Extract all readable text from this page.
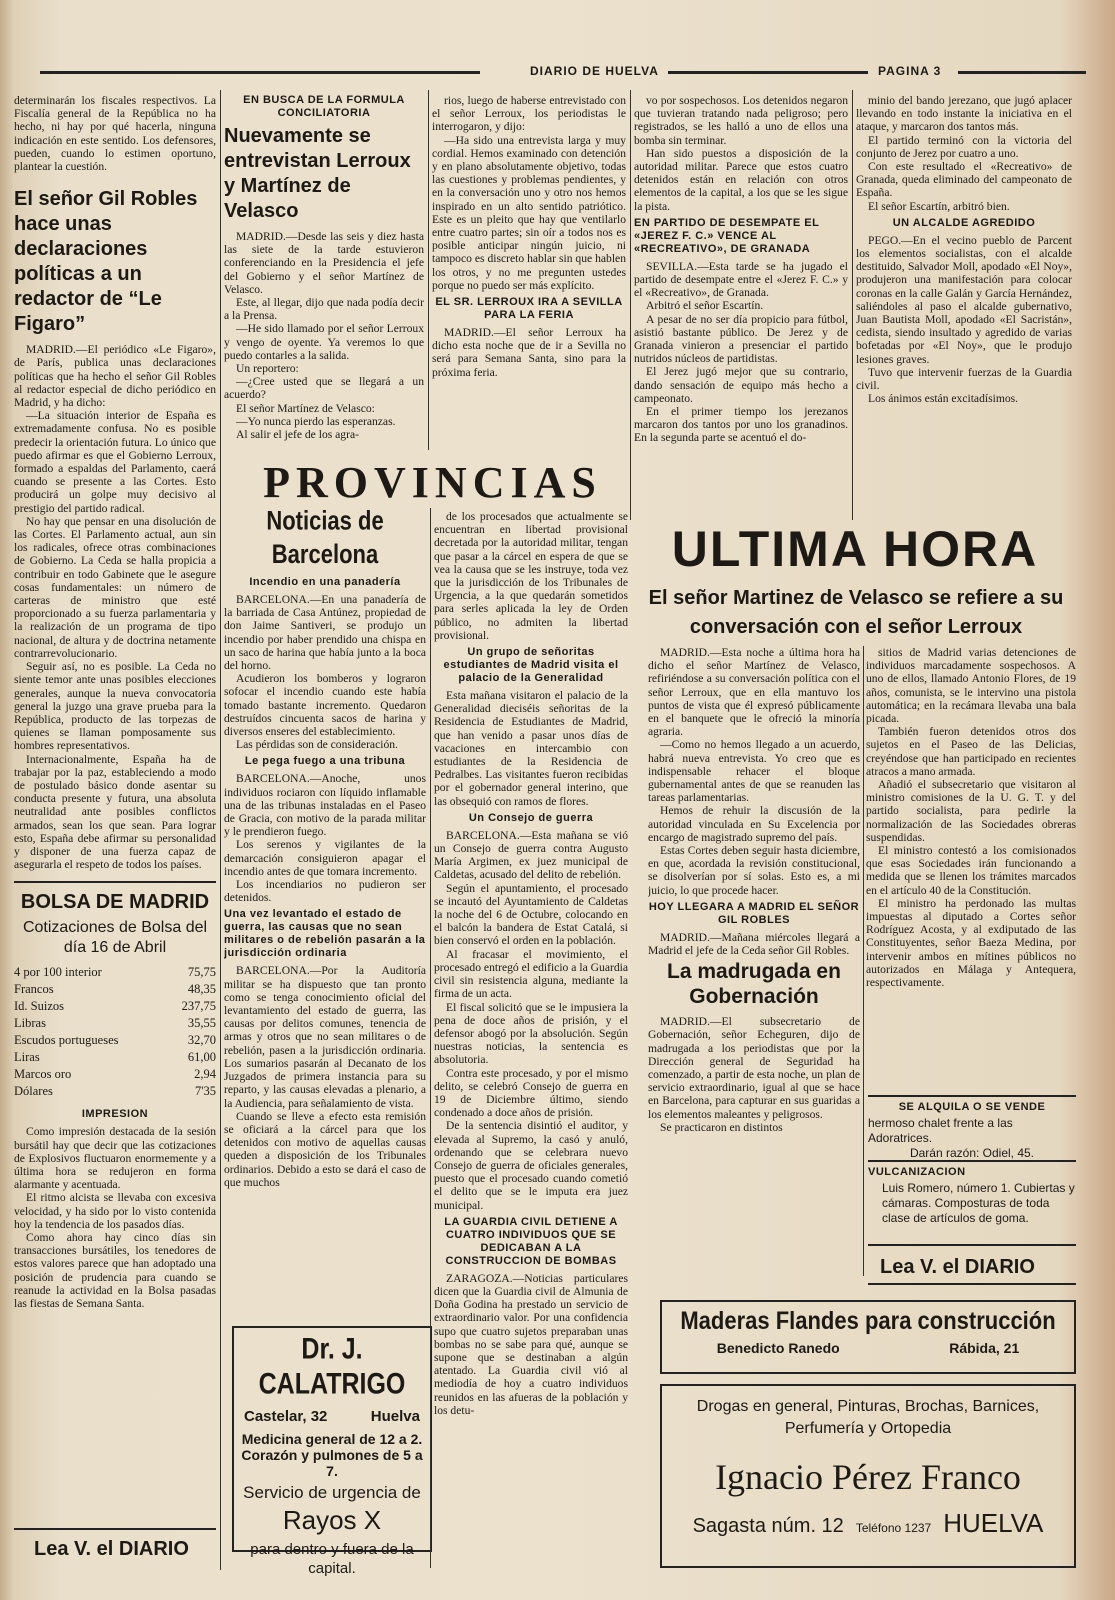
DIARIO DE HUELVA	PAGINA 3
determinarán los fiscales respectivos. La Fiscalía general de la República no ha hecho, ni hay por qué hacerla, ninguna indicación en este sentido. Los defensores, pueden, cuando lo estimen oportuno, plantear la cuestión.
El señor Gil Robles hace unas declaraciones políticas a un redactor de “Le Figaro”

MADRID.—El periódico «Le Figaro», de París, publica unas declaraciones políticas que ha hecho el señor Gil Robles al redactor especial de dicho periódico en Madrid, y ha dicho:

—La situación interior de España es extremadamente confusa. No es posible predecir la orientación futura. Lo único que puedo afirmar es que el Gobierno Lerroux, formado a espaldas del Parlamento, caerá cuando se presente a las Cortes. Esto producirá un golpe muy decisivo al prestigio del partido radical.

No hay que pensar en una disolución de las Cortes. El Parlamento actual, aun sin los radicales, ofrece otras combinaciones de Gobierno. La Ceda se halla propicia a contribuir en todo Gabinete que le asegure cosas fundamentales: un número de carteras de ministro que esté proporcionado a su fuerza parlamentaria y la realización de un programa de tipo nacional, de altura y de doctrina netamente contrarrevolucionario.

Seguir así, no es posible. La Ceda no siente temor ante unas posibles elecciones generales, aunque la nueva convocatoria general la juzgo una grave prueba para la República, producto de las torpezas de quienes se llaman pomposamente sus hombres representativos.

Internacionalmente, España ha de trabajar por la paz, estableciendo a modo de postulado básico donde asentar su conducta presente y futura, una absoluta neutralidad ante posibles conflictos armados, sean los que sean. Para lograr esto, España debe afirmar su personalidad y disponer de una fuerza capaz de asegurarla el respeto de todos los países.

BOLSA DE MADRID
Cotizaciones de Bolsa del día 16 de Abril
4 por 100 interior	75,75
Francos	48,35
Id. Suizos	237,75
Libras	35,55
Escudos portugueses	32,70
Liras	61,00
Marcos oro	2,94
Dólares	7'35
IMPRESION

Como impresión destacada de la sesión bursátil hay que decir que las cotizaciones de Explosivos fluctuaron enormemente y a última hora se redujeron en forma alarmante y acentuada.

El ritmo alcista se llevaba con excesiva velocidad, y ha sido por lo visto contenida hoy la tendencia de los pasados días.

Como ahora hay cinco días sin transacciones bursátiles, los tenedores de estos valores parece que han adoptado una posición de prudencia para cuando se reanude la actividad en la Bolsa pasadas las fiestas de Semana Santa.

Lea V. el DIARIO
EN BUSCA DE LA FORMULA CONCILIATORIA
Nuevamente se entrevistan Lerroux y Martínez de Velasco

MADRID.—Desde las seis y diez hasta las siete de la tarde estuvieron conferenciando en la Presidencia el jefe del Gobierno y el señor Martínez de Velasco.

Este, al llegar, dijo que nada podía decir a la Prensa.

—He sido llamado por el señor Lerroux y vengo de oyente. Ya veremos lo que puedo contarles a la salida.

Un reportero:

—¿Cree usted que se llegará a un acuerdo?

El señor Martínez de Velasco:

—Yo nunca pierdo las esperanzas.

Al salir el jefe de los agra-

rios, luego de haberse entrevistado con el señor Lerroux, los periodistas le interrogaron, y dijo:

—Ha sido una entrevista larga y muy cordial. Hemos examinado con detención y en plano absolutamente objetivo, todas las cuestiones y problemas pendientes, y en la conversación uno y otro nos hemos inspirado en un alto sentido patriótico. Este es un pleito que hay que ventilarlo entre cuatro partes; sin oír a todos nos es posible anticipar ningún juicio, ni tampoco es discreto hablar sin que hablen los otros, y no me pregunten ustedes porque no puedo ser más explícito.

EL SR. LERROUX IRA A SEVILLA PARA LA FERIA

MADRID.—El señor Lerroux ha dicho esta noche que de ir a Sevilla no será para Semana Santa, sino para la próxima feria.

vo por sospechosos. Los detenidos negaron que tuvieran tratando nada peligroso; pero registrados, se les halló a uno de ellos una bomba sin terminar.

Han sido puestos a disposición de la autoridad militar. Parece que estos cuatro detenidos están en relación con otros elementos de la capital, a los que se les sigue la pista.

EN PARTIDO DE DESEMPATE EL «JEREZ F. C.» VENCE AL «RECREATIVO», DE GRANADA

SEVILLA.—Esta tarde se ha jugado el partido de desempate entre el «Jerez F. C.» y el «Recreativo», de Granada.

Arbitró el señor Escartín.

A pesar de no ser día propicio para fútbol, asistió bastante público. De Jerez y de Granada vinieron a presenciar el partido nutridos núcleos de partidistas.

El Jerez jugó mejor que su contrario, dando sensación de equipo más hecho a campeonato.

En el primer tiempo los jerezanos marcaron dos tantos por uno los granadinos. En la segunda parte se acentuó el do-

minio del bando jerezano, que jugó aplacer llevando en todo instante la iniciativa en el ataque, y marcaron dos tantos más.

El partido terminó con la victoria del conjunto de Jerez por cuatro a uno.

Con este resultado el «Recreativo» de Granada, queda eliminado del campeonato de España.

El señor Escartín, arbitró bien.

UN ALCALDE AGREDIDO

PEGO.—En el vecino pueblo de Parcent los elementos socialistas, con el alcalde destituido, Salvador Moll, apodado «El Noy», produjeron una manifestación para colocar coronas en la calle Galán y García Hernández, saliéndoles al paso el alcalde gubernativo, Juan Bautista Moll, apodado «El Sacristán», cedista, siendo insultado y agredido de varias bofetadas por «El Noy», que le produjo lesiones graves.

Tuvo que intervenir fuerzas de la Guardia civil.

Los ánimos están excitadísimos.

PROVINCIAS
Noticias de Barcelona
Incendio en una panadería

BARCELONA.—En una panadería de la barriada de Casa Antúnez, propiedad de don Jaime Santiveri, se produjo un incendio por haber prendido una chispa en un saco de harina que había junto a la boca del horno.

Acudieron los bomberos y lograron sofocar el incendio cuando este había tomado bastante incremento. Quedaron destruídos cincuenta sacos de harina y diversos enseres del establecimiento.

Las pérdidas son de consideración.

Le pega fuego a una tribuna

BARCELONA.—Anoche, unos individuos rociaron con líquido inflamable una de las tribunas instaladas en el Paseo de Gracia, con motivo de la parada militar y le prendieron fuego.

Los serenos y vigilantes de la demarcación consiguieron apagar el incendio antes de que tomara incremento.

Los incendiarios no pudieron ser detenidos.

Una vez levantado el estado de guerra, las causas que no sean militares o de rebelión pasarán a la jurisdicción ordinaria

BARCELONA.—Por la Auditoría militar se ha dispuesto que tan pronto como se tenga conocimiento oficial del levantamiento del estado de guerra, las causas por delitos comunes, tenencia de armas y otros que no sean militares o de rebelión, pasen a la jurisdicción ordinaria. Los sumarios pasarán al Decanato de los Juzgados de primera instancia para su reparto, y las causas elevadas a plenario, a la Audiencia, para señalamiento de vista.

Cuando se lleve a efecto esta remisión se oficiará a la cárcel para que los detenidos con motivo de aquellas causas queden a disposición de los Tribunales ordinarios. Debido a esto se dará el caso de que muchos

Dr. J. CALATRIGO
Castelar, 32	Huelva
Medicina general de 12 a 2.
Corazón y pulmones de 5 a 7.
Servicio de urgencia de
Rayos X
para dentro y fuera de la capital.

de los procesados que actualmente se encuentran en libertad provisional decretada por la autoridad militar, tengan que pasar a la cárcel en espera de que se vea la causa que se les instruye, toda vez que la jurisdicción de los Tribunales de Urgencia, a la que quedarán sometidos para serles aplicada la ley de Orden público, no admiten la libertad provisional.

Un grupo de señoritas estudiantes de Madrid visita el palacio de la Generalidad

Esta mañana visitaron el palacio de la Generalidad dieciséis señoritas de la Residencia de Estudiantes de Madrid, que han venido a pasar unos días de vacaciones en intercambio con estudiantes de la Residencia de Pedralbes. Las visitantes fueron recibidas por el gobernador general interino, que las obsequió con ramos de flores.

Un Consejo de guerra

BARCELONA.—Esta mañana se vió un Consejo de guerra contra Augusto María Argimen, ex juez municipal de Caldetas, acusado del delito de rebelión.

Según el apuntamiento, el procesado se incautó del Ayuntamiento de Caldetas la noche del 6 de Octubre, colocando en el balcón la bandera de Estat Catalá, si bien conservó el orden en la población.

Al fracasar el movimiento, el procesado entregó el edificio a la Guardia civil sin resistencia alguna, mediante la firma de un acta.

El fiscal solicitó que se le impusiera la pena de doce años de prisión, y el defensor abogó por la absolución. Según nuestras noticias, la sentencia es absolutoria.

Contra este procesado, y por el mismo delito, se celebró Consejo de guerra en 19 de Diciembre último, siendo condenado a doce años de prisión.

De la sentencia disintió el auditor, y elevada al Supremo, la casó y anuló, ordenando que se celebrara nuevo Consejo de guerra de oficiales generales, puesto que el procesado cuando cometió el delito que se le imputa era juez municipal.

LA GUARDIA CIVIL DETIENE A CUATRO INDIVIDUOS QUE SE DEDICABAN A LA CONSTRUCCION DE BOMBAS

ZARAGOZA.—Noticias particulares dicen que la Guardia civil de Almunia de Doña Godina ha prestado un servicio de extraordinario valor. Por una confidencia supo que cuatro sujetos preparaban unas bombas no se sabe para qué, aunque se supone que se destinaban a algún atentado. La Guardia civil vió al mediodía de hoy a cuatro individuos reunidos en las afueras de la población y los detu-

ULTIMA HORA
El señor Martinez de Velasco se refiere a su conversación con el señor Lerroux

MADRID.—Esta noche a última hora ha dicho el señor Martínez de Velasco, refiriéndose a su conversación política con el señor Lerroux, que en ella mantuvo los puntos de vista que él expresó públicamente en el banquete que le ofreció la minoría agraria.

—Como no hemos llegado a un acuerdo, habrá nueva entrevista. Yo creo que es indispensable rehacer el bloque gubernamental antes de que se reanuden las tareas parlamentarias.

Hemos de rehuir la discusión de la autoridad vinculada en Su Excelencia por encargo de magistrado supremo del país.

Estas Cortes deben seguir hasta diciembre, en que, acordada la revisión constitucional, se disolverían por sí solas. Esto es, a mi juicio, lo que procede hacer.

HOY LLEGARA A MADRID EL SEÑOR GIL ROBLES

MADRID.—Mañana miércoles llegará a Madrid el jefe de la Ceda señor Gil Robles.

La madrugada en Gobernación

MADRID.—El subsecretario de Gobernación, señor Echeguren, dijo de madrugada a los periodistas que por la Dirección general de Seguridad ha comenzado, a partir de esta noche, un plan de servicio extraordinario, igual al que se hace en Barcelona, para capturar en sus guaridas a los elementos maleantes y peligrosos.

Se practicaron en distintos

sitios de Madrid varias detenciones de individuos marcadamente sospechosos. A uno de ellos, llamado Antonio Flores, de 19 años, comunista, se le intervino una pistola automática; en la recámara llevaba una bala picada.

También fueron detenidos otros dos sujetos en el Paseo de las Delicias, creyéndose que han participado en recientes atracos a mano armada.

Añadió el subsecretario que visitaron al ministro comisiones de la U. G. T. y del partido socialista, para pedirle la normalización de las Sociedades obreras suspendidas.

El ministro contestó a los comisionados que esas Sociedades irán funcionando a medida que se llenen los trámites marcados en el artículo 40 de la Constitución.

El ministro ha perdonado las multas impuestas al diputado a Cortes señor Rodríguez Acosta, y al exdiputado de las Constituyentes, señor Baeza Medina, por intervenir ambos en mítines públicos no autorizados en Málaga y Antequera, respectivamente.

SE ALQUILA O SE VENDE
hermoso chalet frente a las Adoratrices.
Darán razón: Odiel, 45.
VULCANIZACION
Luis Romero, número 1. Cubiertas y cámaras. Composturas de toda clase de artículos de goma.
Lea V. el DIARIO
Maderas Flandes para construcción
Benedicto Ranedo	Rábida, 21
Drogas en general, Pinturas, Brochas, Barnices, Perfumería y Ortopedia
Ignacio Pérez Franco
Sagasta núm. 12 Teléfono 1237 HUELVA
